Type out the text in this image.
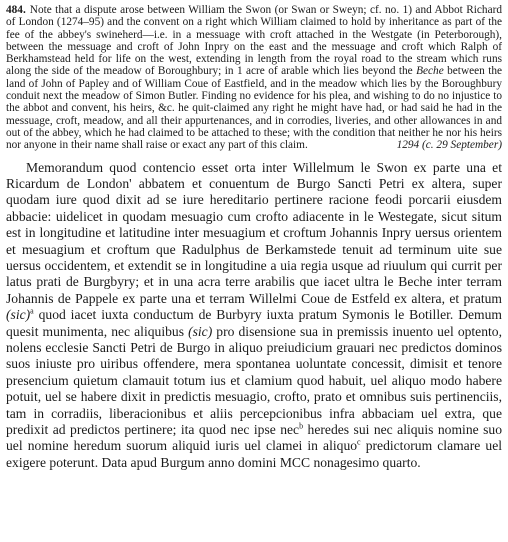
484. Note that a dispute arose between William the Swon (or Swan or Sweyn; cf. no. 1) and Abbot Richard of London (1274–95) and the convent on a right which William claimed to hold by inheritance as part of the fee of the abbey's swineherd—i.e. in a messuage with croft attached in the Westgate (in Peterborough), between the messuage and croft of John Inpry on the east and the messuage and croft which Ralph of Berkhamstead held for life on the west, extending in length from the royal road to the stream which runs along the side of the meadow of Boroughbury; in 1 acre of arable which lies beyond the Beche between the land of John of Papley and of William Coue of Eastfield, and in the meadow which lies by the Boroughbury conduit next the meadow of Simon Butler. Finding no evidence for his plea, and wishing to do no injustice to the abbot and convent, his heirs, &c. he quit-claimed any right he might have had, or had said he had in the messuage, croft, meadow, and all their appurtenances, and in corrodies, liveries, and other allowances in and out of the abbey, which he had claimed to be attached to these; with the condition that neither he nor his heirs nor anyone in their name shall raise or exact any part of this claim.	1294 (c. 29 September)

Memorandum quod contencio esset orta inter Willelmum le Swon ex parte una et Ricardum de London' abbatem et conuentum de Burgo Sancti Petri ex altera, super quodam iure quod dixit ad se iure hereditario pertinere racione feodi porcarii eiusdem abbacie: uidelicet in quodam mesuagio cum crofto adiacente in le Westegate, sicut situm est in longitudine et latitudine inter mesuagium et croftum Johannis Inpry uersus orientem et mesuagium et croftum que Radulphus de Berkamstede tenuit ad terminum uite sue uersus occidentem, et extendit se in longitudine a uia regia usque ad riuulum qui currit per latus prati de Burgbyry; et in una acra terre arabilis que iacet ultra le Beche inter terram Johannis de Pappele ex parte una et terram Willelmi Coue de Estfeld ex altera, et pratum (sic)$^a$ quod iacet iuxta conductum de Burbyry iuxta pratum Symonis le Botiller. Demum quesit munimenta, nec aliquibus (sic) pro disensione sua in premissis inuento uel optento, nolens ecclesie Sancti Petri de Burgo in aliquo preiudicium grauari nec predictos dominos suos iniuste pro uiribus offendere, mera spontanea uoluntate concessit, dimisit et tenore presencium quietum clamauit totum ius et clamium quod habuit, uel aliquo modo habere potuit, uel se habere dixit in predictis mesuagio, crofto, prato et omnibus suis pertinenciis, tam in corradiis, liberacionibus et aliis percepcionibus infra abbaciam uel extra, que predixit ad predictos pertinere; ita quod nec ipse nec$^b$ heredes sui nec aliquis nomine suo uel nomine heredum suorum aliquid iuris uel clamei in aliquo$^c$ predictorum clamare uel exigere poterunt. Data apud Burgum anno domini MCC nonagesimo quarto.
